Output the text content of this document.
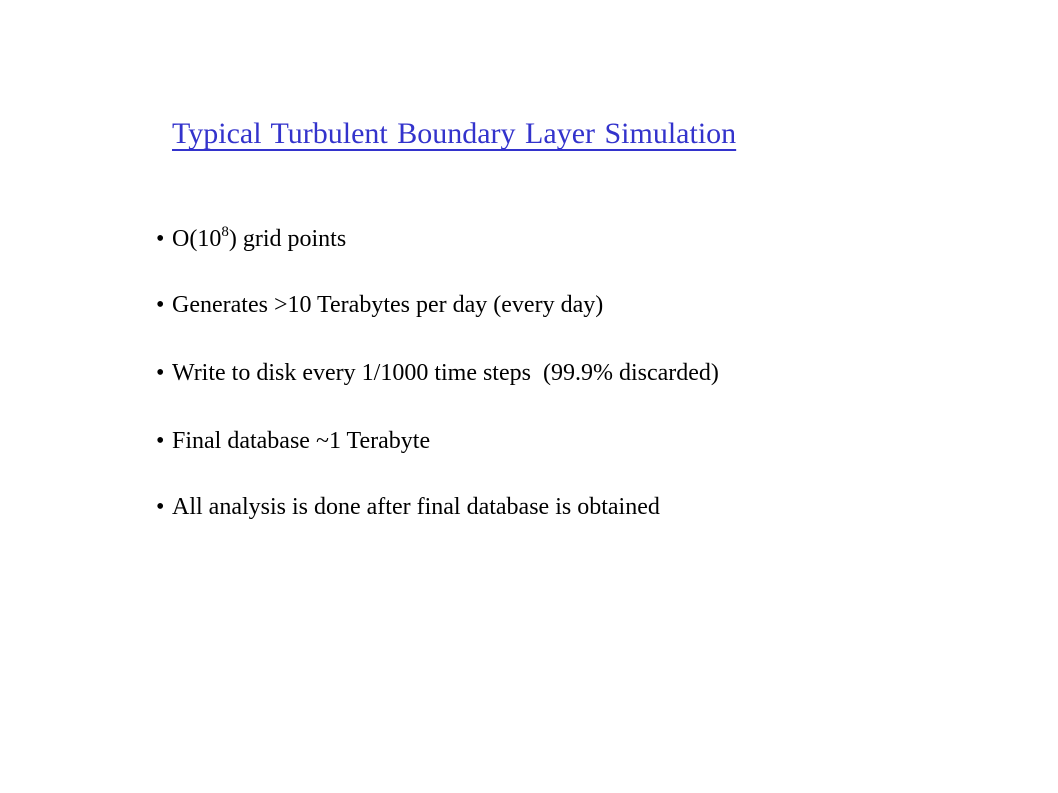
Typical Turbulent Boundary Layer Simulation
• $O(10^8)$ grid points
• Generates >10 Terabytes per day (every day)
• Write to disk every 1/1000 time steps  (99.9% discarded)
• Final database ~1 Terabyte
• All analysis is done after final database is obtained
